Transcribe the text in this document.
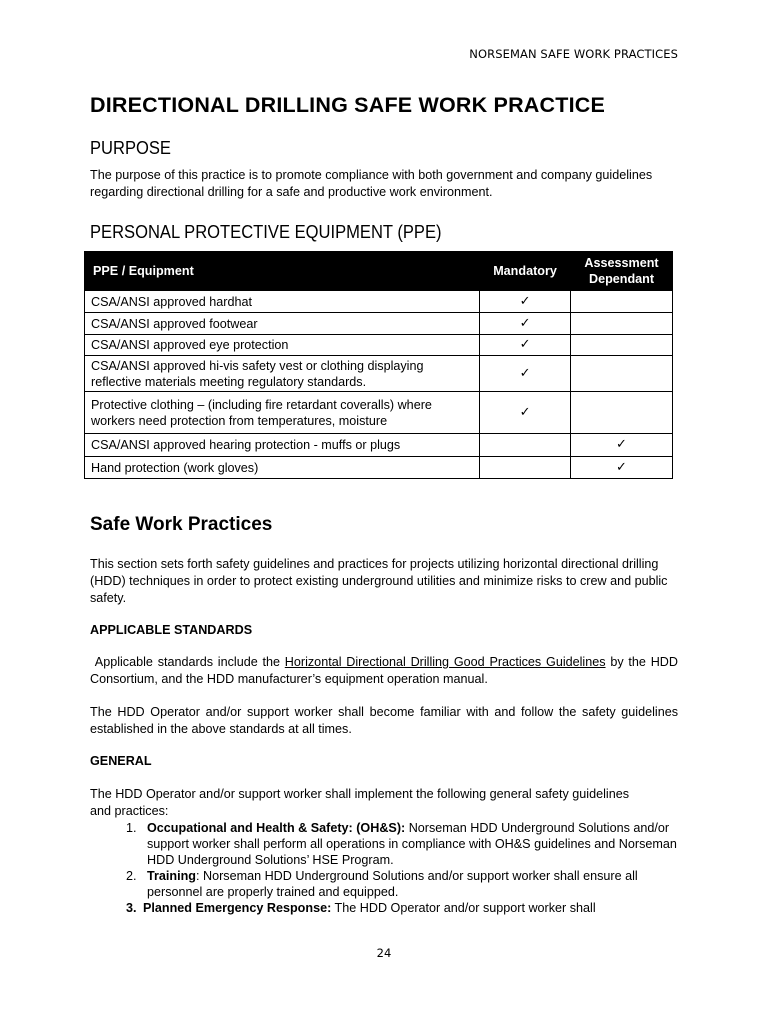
NORSEMAN SAFE WORK PRACTICES
DIRECTIONAL DRILLING SAFE WORK PRACTICE
PURPOSE

The purpose of this practice is to promote compliance with both government and company guidelines regarding directional drilling for a safe and productive work environment.

PERSONAL PROTECTIVE EQUIPMENT (PPE)
PPE / Equipment	Mandatory	Assessment Dependant
CSA/ANSI approved hardhat	✓	
CSA/ANSI approved footwear	✓	
CSA/ANSI approved eye protection	✓	
CSA/ANSI approved hi-vis safety vest or clothing displaying reflective materials meeting regulatory standards.	✓	
Protective clothing – (including fire retardant coveralls) where workers need protection from temperatures, moisture	✓	
CSA/ANSI approved hearing protection - muffs or plugs		✓
Hand protection (work gloves)		✓
Safe Work Practices

This section sets forth safety guidelines and practices for projects utilizing horizontal directional drilling (HDD) techniques in order to protect existing underground utilities and minimize risks to crew and public safety.

APPLICABLE STANDARDS

Applicable standards include the Horizontal Directional Drilling Good Practices Guidelines by the HDD Consortium, and the HDD manufacturer’s equipment operation manual.

The HDD Operator and/or support worker shall become familiar with and follow the safety guidelines established in the above standards at all times.

GENERAL

The HDD Operator and/or support worker shall implement the following general safety guidelines and practices:

1. Occupational and Health & Safety: (OH&S): Norseman HDD Underground Solutions and/or support worker shall perform all operations in compliance with OH&S guidelines and Norseman HDD Underground Solutions’ HSE Program.
2. Training: Norseman HDD Underground Solutions and/or support worker shall ensure all personnel are properly trained and equipped.
3. Planned Emergency Response: The HDD Operator and/or support worker shall
24
